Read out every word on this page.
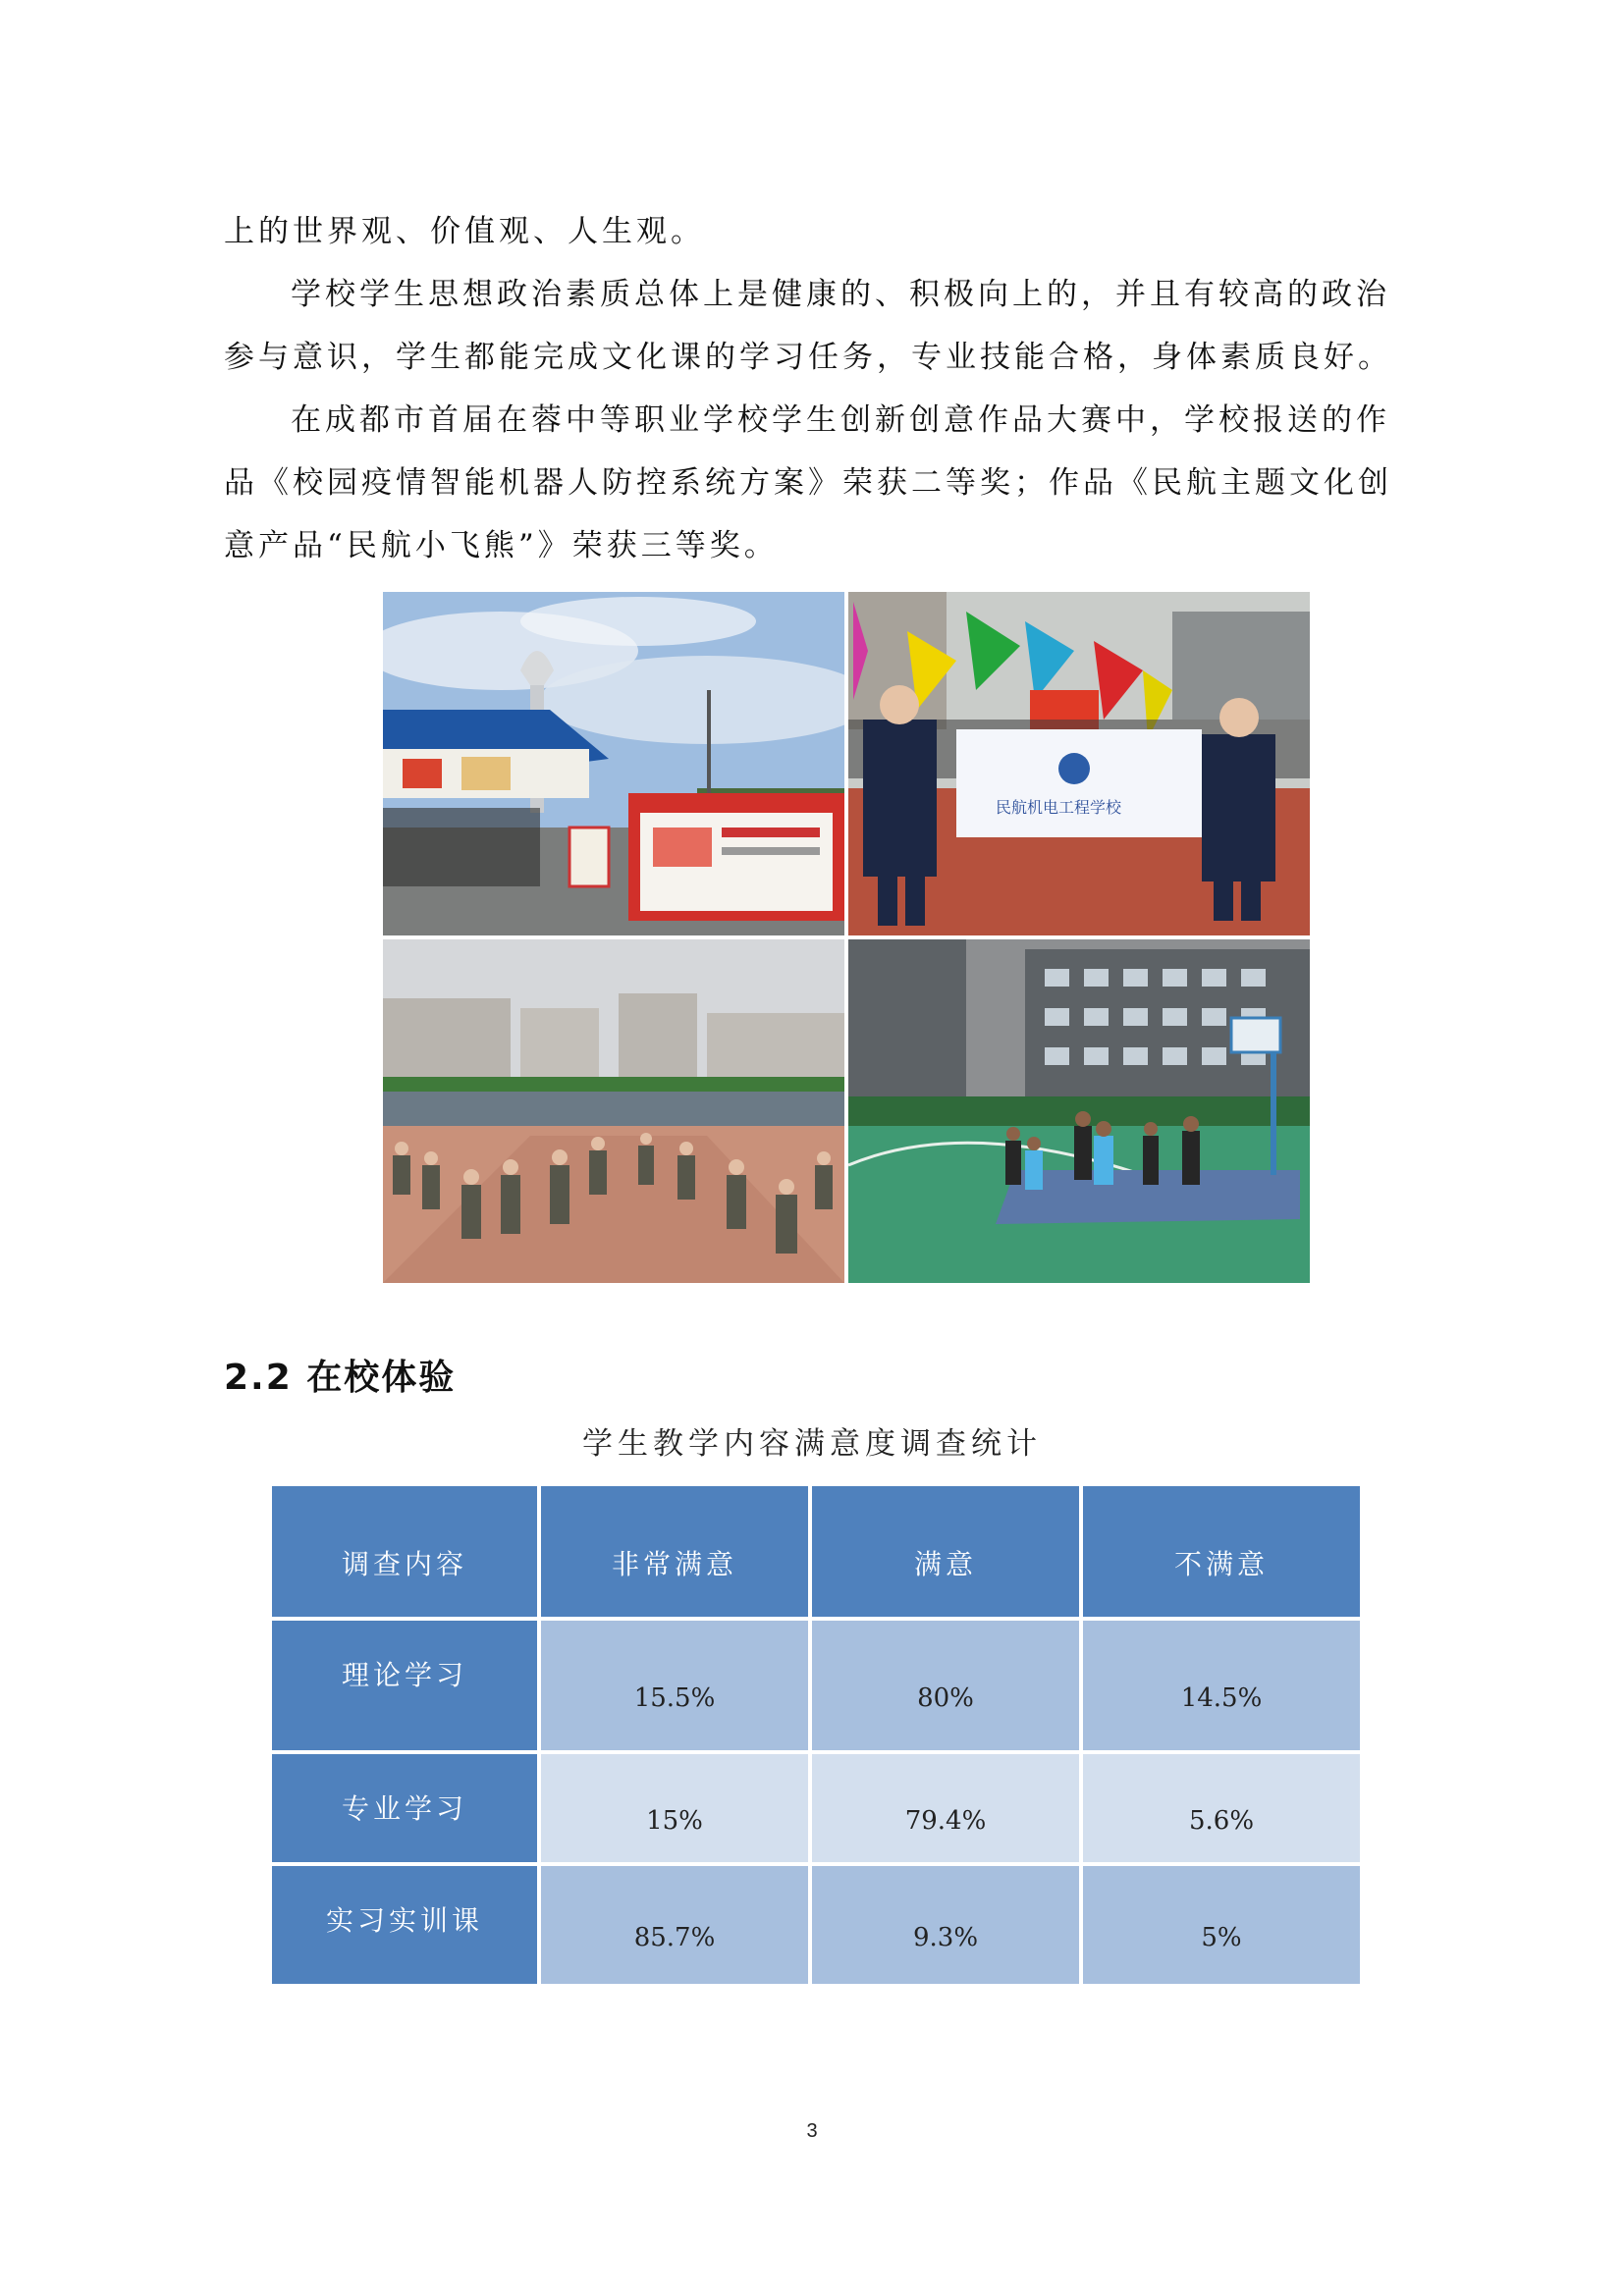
上的世界观、价值观、人生观。

学校学生思想政治素质总体上是健康的、积极向上的，并且有较高的政治参与意识，学生都能完成文化课的学习任务，专业技能合格，身体素质良好。

在成都市首届在蓉中等职业学校学生创新创意作品大赛中，学校报送的作品《校园疫情智能机器人防控系统方案》荣获二等奖；作品《民航主题文化创意产品“民航小飞熊”》荣获三等奖。

民航机电工程学校
2.2 在校体验

学生教学内容满意度调查统计

调查内容	非常满意	满意	不满意
理论学习	15.5%	80%	14.5%
专业学习	15%	79.4%	5.6%
实习实训课	85.7%	9.3%	5%

3
